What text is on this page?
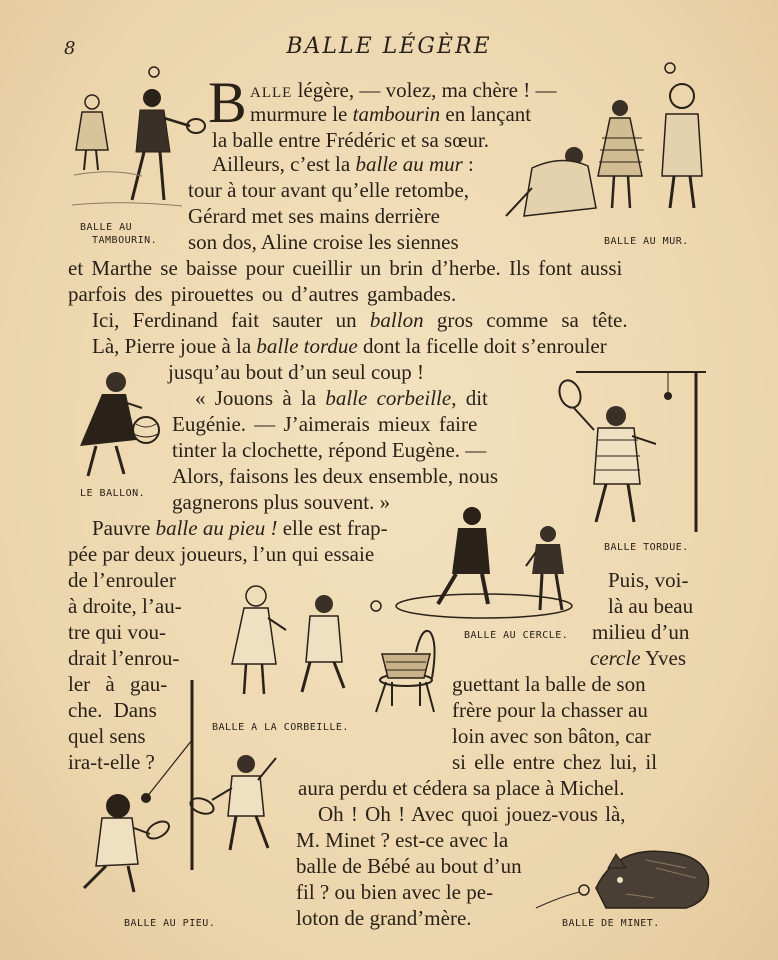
8	BALLE LÉGÈRE
B ALLE légère, — volez, ma chère ! —
murmure le tambourin en lançant
la balle entre Frédéric et sa sœur.
Ailleurs, c’est la balle au mur :
tour à tour avant qu’elle retombe,
Gérard met ses mains derrière
son dos, Aline croise les siennes
et Marthe se baisse pour cueillir un brin d’herbe. Ils font aussi
parfois des pirouettes ou d’autres gambades.
Ici, Ferdinand fait sauter un ballon gros comme sa tête.
Là, Pierre joue à la balle tordue dont la ficelle doit s’enrouler
jusqu’au bout d’un seul coup !
« Jouons à la balle corbeille, dit
Eugénie. — J’aimerais mieux faire
tinter la clochette, répond Eugène. —
Alors, faisons les deux ensemble, nous
gagnerons plus souvent. »
Pauvre balle au pieu ! elle est frap-
pée par deux joueurs, l’un qui essaie
de l’enrouler
à droite, l’au-
tre qui vou-
drait l’enrou-
ler à gau-
che. Dans
quel sens
ira-t-elle ?
Puis, voi-
là au beau
milieu d’un
cercle Yves
guettant la balle de son
frère pour la chasser au
loin avec son bâton, car
si elle entre chez lui, il
aura perdu et cédera sa place à Michel.
Oh ! Oh ! Avec quoi jouez-vous là,
M. Minet ? est-ce avec la
balle de Bébé au bout d’un
fil ? ou bien avec le pe-
loton de grand’mère.
BALLE AU
TAMBOURIN.	BALLE AU MUR.
LE BALLON.
BALLE TORDUE.
BALLE AU CERCLE.
BALLE A LA CORBEILLE.
BALLE AU PIEU.	BALLE DE MINET.
